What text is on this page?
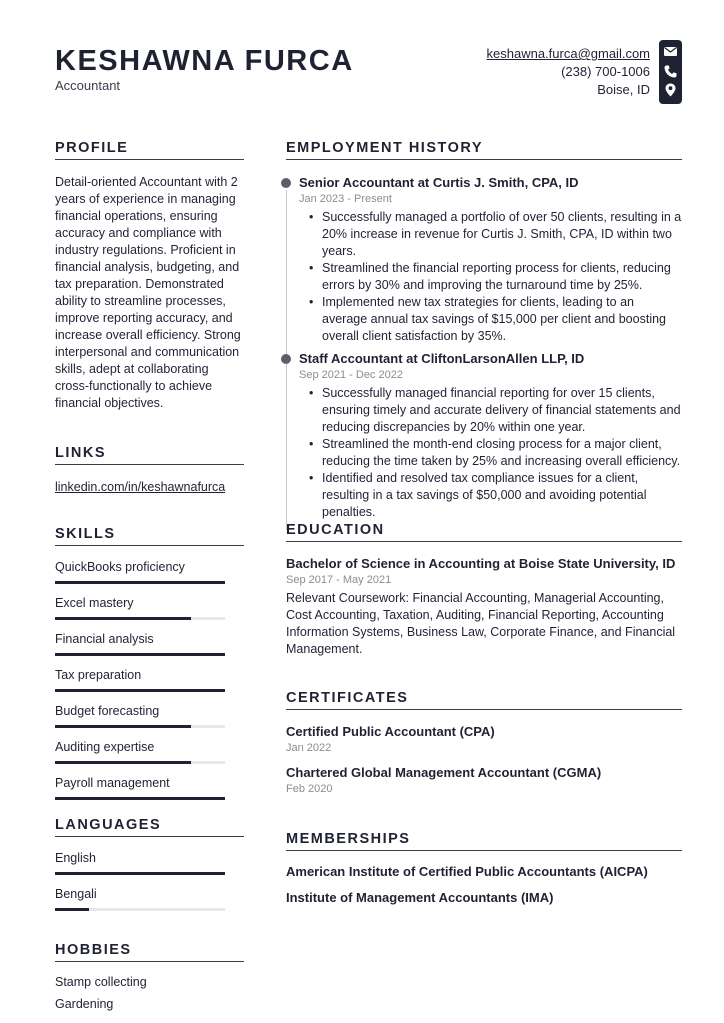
KESHAWNA FURCA
Accountant
keshawna.furca@gmail.com
(238) 700-1006
Boise, ID
PROFILE
Detail-oriented Accountant with 2 years of experience in managing financial operations, ensuring accuracy and compliance with industry regulations. Proficient in financial analysis, budgeting, and tax preparation. Demonstrated ability to streamline processes, improve reporting accuracy, and increase overall efficiency. Strong interpersonal and communication skills, adept at collaborating cross-functionally to achieve financial objectives.
LINKS
linkedin.com/in/keshawnafurca
SKILLS
QuickBooks proficiency
Excel mastery
Financial analysis
Tax preparation
Budget forecasting
Auditing expertise
Payroll management
LANGUAGES
English
Bengali
HOBBIES
Stamp collecting
Gardening
EMPLOYMENT HISTORY
Senior Accountant at Curtis J. Smith, CPA, ID
Jan 2023 - Present
• Successfully managed a portfolio of over 50 clients, resulting in a 20% increase in revenue for Curtis J. Smith, CPA, ID within two years.
• Streamlined the financial reporting process for clients, reducing errors by 30% and improving the turnaround time by 25%.
• Implemented new tax strategies for clients, leading to an average annual tax savings of $15,000 per client and boosting overall client satisfaction by 35%.
Staff Accountant at CliftonLarsonAllen LLP, ID
Sep 2021 - Dec 2022
• Successfully managed financial reporting for over 15 clients, ensuring timely and accurate delivery of financial statements and reducing discrepancies by 20% within one year.
• Streamlined the month-end closing process for a major client, reducing the time taken by 25% and increasing overall efficiency.
• Identified and resolved tax compliance issues for a client, resulting in a tax savings of $50,000 and avoiding potential penalties.
EDUCATION
Bachelor of Science in Accounting at Boise State University, ID
Sep 2017 - May 2021
Relevant Coursework: Financial Accounting, Managerial Accounting, Cost Accounting, Taxation, Auditing, Financial Reporting, Accounting Information Systems, Business Law, Corporate Finance, and Financial Management.
CERTIFICATES
Certified Public Accountant (CPA)
Jan 2022
Chartered Global Management Accountant (CGMA)
Feb 2020
MEMBERSHIPS
American Institute of Certified Public Accountants (AICPA)
Institute of Management Accountants (IMA)
